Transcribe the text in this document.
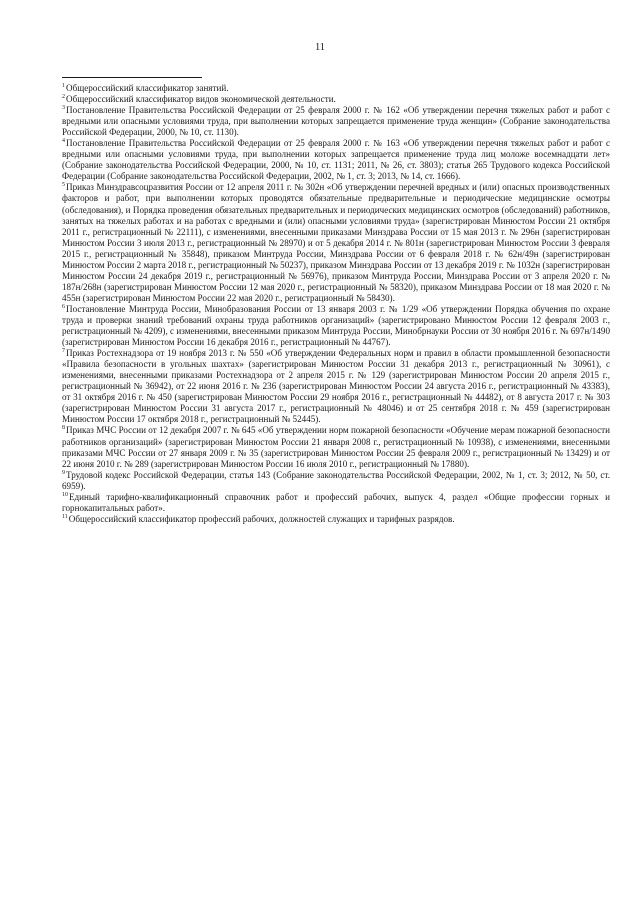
11

$^1$Общероссийский классификатор занятий.

$^2$Общероссийский классификатор видов экономической деятельности.

$^3$Постановление Правительства Российской Федерации от 25 февраля 2000 г. № 162 «Об утверждении перечня тяжелых работ и работ с вредными или опасными условиями труда, при выполнении которых запрещается применение труда женщин» (Собрание законодательства Российской Федерации, 2000, № 10, ст. 1130).

$^4$Постановление Правительства Российской Федерации от 25 февраля 2000 г. № 163 «Об утверждении перечня тяжелых работ и работ с вредными или опасными условиями труда, при выполнении которых запрещается применение труда лиц моложе восемнадцати лет» (Собрание законодательства Российской Федерации, 2000, № 10, ст. 1131; 2011, № 26, ст. 3803); статья 265 Трудового кодекса Российской Федерации (Собрание законодательства Российской Федерации, 2002, № 1, ст. 3; 2013, № 14, ст. 1666).

$^5$Приказ Минздравсоцразвития России от 12 апреля 2011 г. № 302н «Об утверждении перечней вредных и (или) опасных производственных факторов и работ, при выполнении которых проводятся обязательные предварительные и периодические медицинские осмотры (обследования), и Порядка проведения обязательных предварительных и периодических медицинских осмотров (обследований) работников, занятых на тяжелых работах и на работах с вредными и (или) опасными условиями труда» (зарегистрирован Минюстом России 21 октября 2011 г., регистрационный № 22111), с изменениями, внесенными приказами Минздрава России от 15 мая 2013 г. № 296н (зарегистрирован Минюстом России 3 июля 2013 г., регистрационный № 28970) и от 5 декабря 2014 г. № 801н (зарегистрирован Минюстом России 3 февраля 2015 г., регистрационный № 35848), приказом Минтруда России, Минздрава России от 6 февраля 2018 г. № 62н/49н (зарегистрирован Минюстом России 2 марта 2018 г., регистрационный № 50237), приказом Минздрава России от 13 декабря 2019 г. № 1032н (зарегистрирован Минюстом России 24 декабря 2019 г., регистрационный № 56976), приказом Минтруда России, Минздрава России от 3 апреля 2020 г. № 187н/268н (зарегистрирован Минюстом России 12 мая 2020 г., регистрационный № 58320), приказом Минздрава России от 18 мая 2020 г. № 455н (зарегистрирован Минюстом России 22 мая 2020 г., регистрационный № 58430).

$^6$Постановление Минтруда России, Минобразования России от 13 января 2003 г. № 1/29 «Об утверждении Порядка обучения по охране труда и проверки знаний требований охраны труда работников организаций» (зарегистрировано Минюстом России 12 февраля 2003 г., регистрационный № 4209), с изменениями, внесенными приказом Минтруда России, Минобрнауки России от 30 ноября 2016 г. № 697н/1490 (зарегистрирован Минюстом России 16 декабря 2016 г., регистрационный № 44767).

$^7$Приказ Ростехнадзора от 19 ноября 2013 г. № 550 «Об утверждении Федеральных норм и правил в области промышленной безопасности «Правила безопасности в угольных шахтах» (зарегистрирован Минюстом России 31 декабря 2013 г., регистрационный № 30961), с изменениями, внесенными приказами Ростехнадзора от 2 апреля 2015 г. № 129 (зарегистрирован Минюстом России 20 апреля 2015 г., регистрационный № 36942), от 22 июня 2016 г. № 236 (зарегистрирован Минюстом России 24 августа 2016 г., регистрационный № 43383), от 31 октября 2016 г. № 450 (зарегистрирован Минюстом России 29 ноября 2016 г., регистрационный № 44482), от 8 августа 2017 г. № 303 (зарегистрирован Минюстом России 31 августа 2017 г., регистрационный № 48046) и от 25 сентября 2018 г. № 459 (зарегистрирован Минюстом России 17 октября 2018 г., регистрационный № 52445).

$^8$Приказ МЧС России от 12 декабря 2007 г. № 645 «Об утверждении норм пожарной безопасности «Обучение мерам пожарной безопасности работников организаций» (зарегистрирован Минюстом России 21 января 2008 г., регистрационный № 10938), с изменениями, внесенными приказами МЧС России от 27 января 2009 г. № 35 (зарегистрирован Минюстом России 25 февраля 2009 г., регистрационный № 13429) и от 22 июня 2010 г. № 289 (зарегистрирован Минюстом России 16 июля 2010 г., регистрационный № 17880).

$^9$Трудовой кодекс Российской Федерации, статья 143 (Собрание законодательства Российской Федерации, 2002, № 1, ст. 3; 2012, № 50, ст. 6959).

$^{10}$Единый тарифно-квалификационный справочник работ и профессий рабочих, выпуск 4, раздел «Общие профессии горных и горнокапитальных работ».

$^{11}$Общероссийский классификатор профессий рабочих, должностей служащих и тарифных разрядов.
